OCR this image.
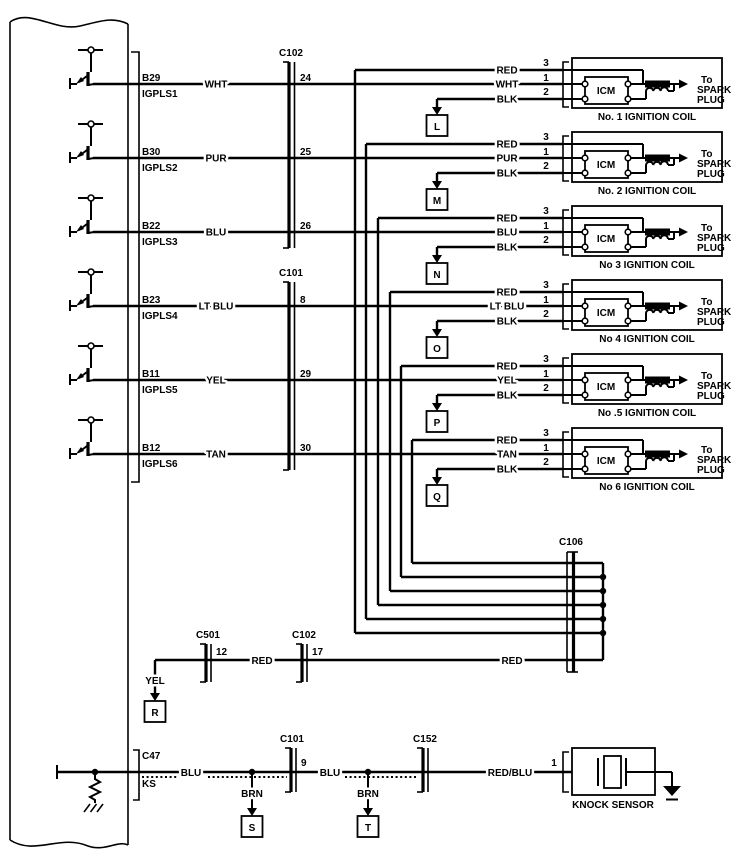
L
B29
IGPLS1
WHT
24
RED
WHT
BLK
3
1
2	ICM
To
SPARK
PLUG
No. 1 IGNITION COIL
M
B30
IGPLS2
PUR
25
RED
PUR
BLK
3
1
2	ICM
To
SPARK
PLUG
No. 2 IGNITION COIL
N
B22
IGPLS3
BLU
26
RED
BLU
BLK
3
1
2	ICM
To
SPARK
PLUG
No 3 IGNITION COIL
O
B23
IGPLS4
LT BLU
8
RED
LT BLU
BLK
3
1
2	ICM
To
SPARK
PLUG
No 4 IGNITION COIL
P
B11
IGPLS5
YEL
29
RED
YEL
BLK
3
1
2	ICM
To
SPARK
PLUG
No .5 IGNITION COIL
Q
B12
IGPLS6
TAN
30
RED
TAN
BLK
3
1
2	ICM
To
SPARK
PLUG
No 6 IGNITION COIL
C102
C101
C106
R
YEL
C501
12
RED
C102
17
RED
C47
KS
BLU
C101
9
BLU
S
BRN
T
BRN
C152
RED/BLU
1
KNOCK SENSOR
